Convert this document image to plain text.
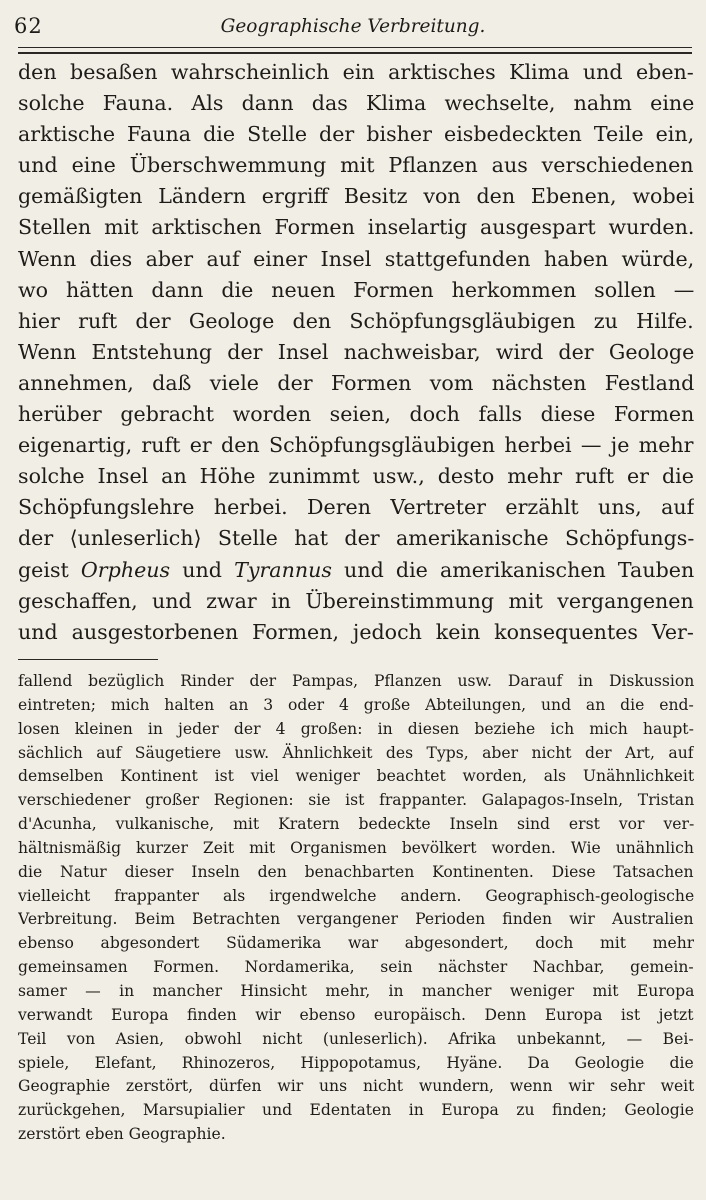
62	Geographische Verbreitung.
den besaßen wahrscheinlich ein arktisches Klima und eben-
solche Fauna. Als dann das Klima wechselte, nahm eine
arktische Fauna die Stelle der bisher eisbedeckten Teile ein,
und eine Überschwemmung mit Pflanzen aus verschiedenen
gemäßigten Ländern ergriff Besitz von den Ebenen, wobei
Stellen mit arktischen Formen inselartig ausgespart wurden.
Wenn dies aber auf einer Insel stattgefunden haben würde,
wo hätten dann die neuen Formen herkommen sollen —
hier ruft der Geologe den Schöpfungsgläubigen zu Hilfe.
Wenn Entstehung der Insel nachweisbar, wird der Geologe
annehmen, daß viele der Formen vom nächsten Festland
herüber gebracht worden seien, doch falls diese Formen
eigenartig, ruft er den Schöpfungsgläubigen herbei — je mehr
solche Insel an Höhe zunimmt usw., desto mehr ruft er die
Schöpfungslehre herbei. Deren Vertreter erzählt uns, auf
der ⟨unleserlich⟩ Stelle hat der amerikanische Schöpfungs-
geist Orpheus und Tyrannus und die amerikanischen Tauben
geschaffen, und zwar in Übereinstimmung mit vergangenen
und ausgestorbenen Formen, jedoch kein konsequentes Ver-
fallend bezüglich Rinder der Pampas, Pflanzen usw. Darauf in Diskussion
eintreten; mich halten an 3 oder 4 große Abteilungen, und an die end-
losen kleinen in jeder der 4 großen: in diesen beziehe ich mich haupt-
sächlich auf Säugetiere usw. Ähnlichkeit des Typs, aber nicht der Art, auf
demselben Kontinent ist viel weniger beachtet worden, als Unähnlichkeit
verschiedener großer Regionen: sie ist frappanter. Galapagos-Inseln, Tristan
d'Acunha, vulkanische, mit Kratern bedeckte Inseln sind erst vor ver-
hältnismäßig kurzer Zeit mit Organismen bevölkert worden. Wie unähnlich
die Natur dieser Inseln den benachbarten Kontinenten. Diese Tatsachen
vielleicht frappanter als irgendwelche andern. Geographisch-geologische
Verbreitung. Beim Betrachten vergangener Perioden finden wir Australien
ebenso abgesondert Südamerika war abgesondert, doch mit mehr
gemeinsamen Formen. Nordamerika, sein nächster Nachbar, gemein-
samer — in mancher Hinsicht mehr, in mancher weniger mit Europa
verwandt Europa finden wir ebenso europäisch. Denn Europa ist jetzt
Teil von Asien, obwohl nicht (unleserlich). Afrika unbekannt, — Bei-
spiele, Elefant, Rhinozeros, Hippopotamus, Hyäne. Da Geologie die
Geographie zerstört, dürfen wir uns nicht wundern, wenn wir sehr weit
zurückgehen, Marsupialier und Edentaten in Europa zu finden; Geologie
zerstört eben Geographie.
